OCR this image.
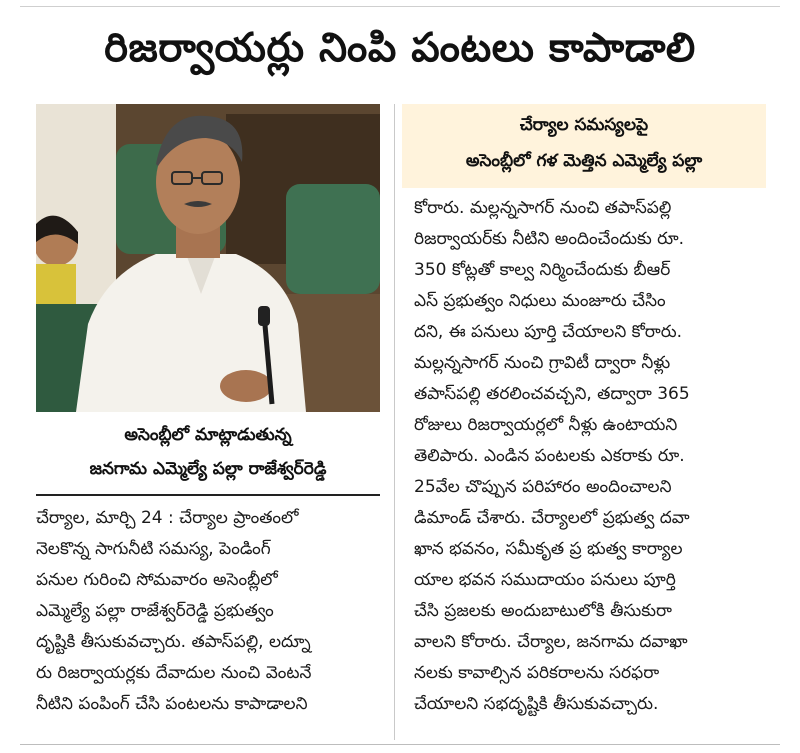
రిజర్వాయర్లు నింపి పంటలు కాపాడాలి
అసెంబ్లీలో మాట్లాడుతున్న
జనగామ ఎమ్మెల్యే పల్లా రాజేశ్వర్‌రెడ్డి
చేర్యాల సమస్యలపై
అసెంబ్లీలో గళ మెత్తిన ఎమ్మెల్యే పల్లా
చేర్యాల, మార్చి 24 : చేర్యాల ప్రాంతంలో
నెలకొన్న సాగునీటి సమస్య, పెండింగ్
పనుల గురించి సోమవారం అసెంబ్లీలో
ఎమ్మెల్యే పల్లా రాజేశ్వర్‌రెడ్డి ప్రభుత్వం
దృష్టికి తీసుకువచ్చారు. తపాస్‌పల్లి, లద్నూ
రు రిజర్వాయర్లకు దేవాదుల నుంచి వెంటనే
నీటిని పంపింగ్ చేసి పంటలను కాపాడాలని
కోరారు. మల్లన్నసాగర్ నుంచి తపాస్‌పల్లి
రిజర్వాయర్‌కు నీటిని అందించేందుకు రూ.
350 కోట్లతో కాల్వ నిర్మించేందుకు బీఆర్
ఎస్ ప్రభుత్వం నిధులు మంజూరు చేసిం
దని, ఈ పనులు పూర్తి చేయాలని కోరారు.
మల్లన్నసాగర్ నుంచి గ్రావిటీ ద్వారా నీళ్లు
తపాస్‌పల్లి తరలించవచ్చని, తద్వారా 365
రోజులు రిజర్వాయర్లలో నీళ్లు ఉంటాయని
తెలిపారు. ఎండిన పంటలకు ఎకరాకు రూ.
25వేల చొప్పున పరిహారం అందించాలని
డిమాండ్ చేశారు. చేర్యాలలో ప్రభుత్వ దవా
ఖాన భవనం, సమీకృత ప్ర భుత్వ కార్యాల
యాల భవన సముదాయం పనులు పూర్తి
చేసి ప్రజలకు అందుబాటులోకి తీసుకురా
వాలని కోరారు. చేర్యాల, జనగామ దవాఖా
నలకు కావాల్సిన పరికరాలను సరఫరా
చేయాలని సభదృష్టికి తీసుకువచ్చారు.
